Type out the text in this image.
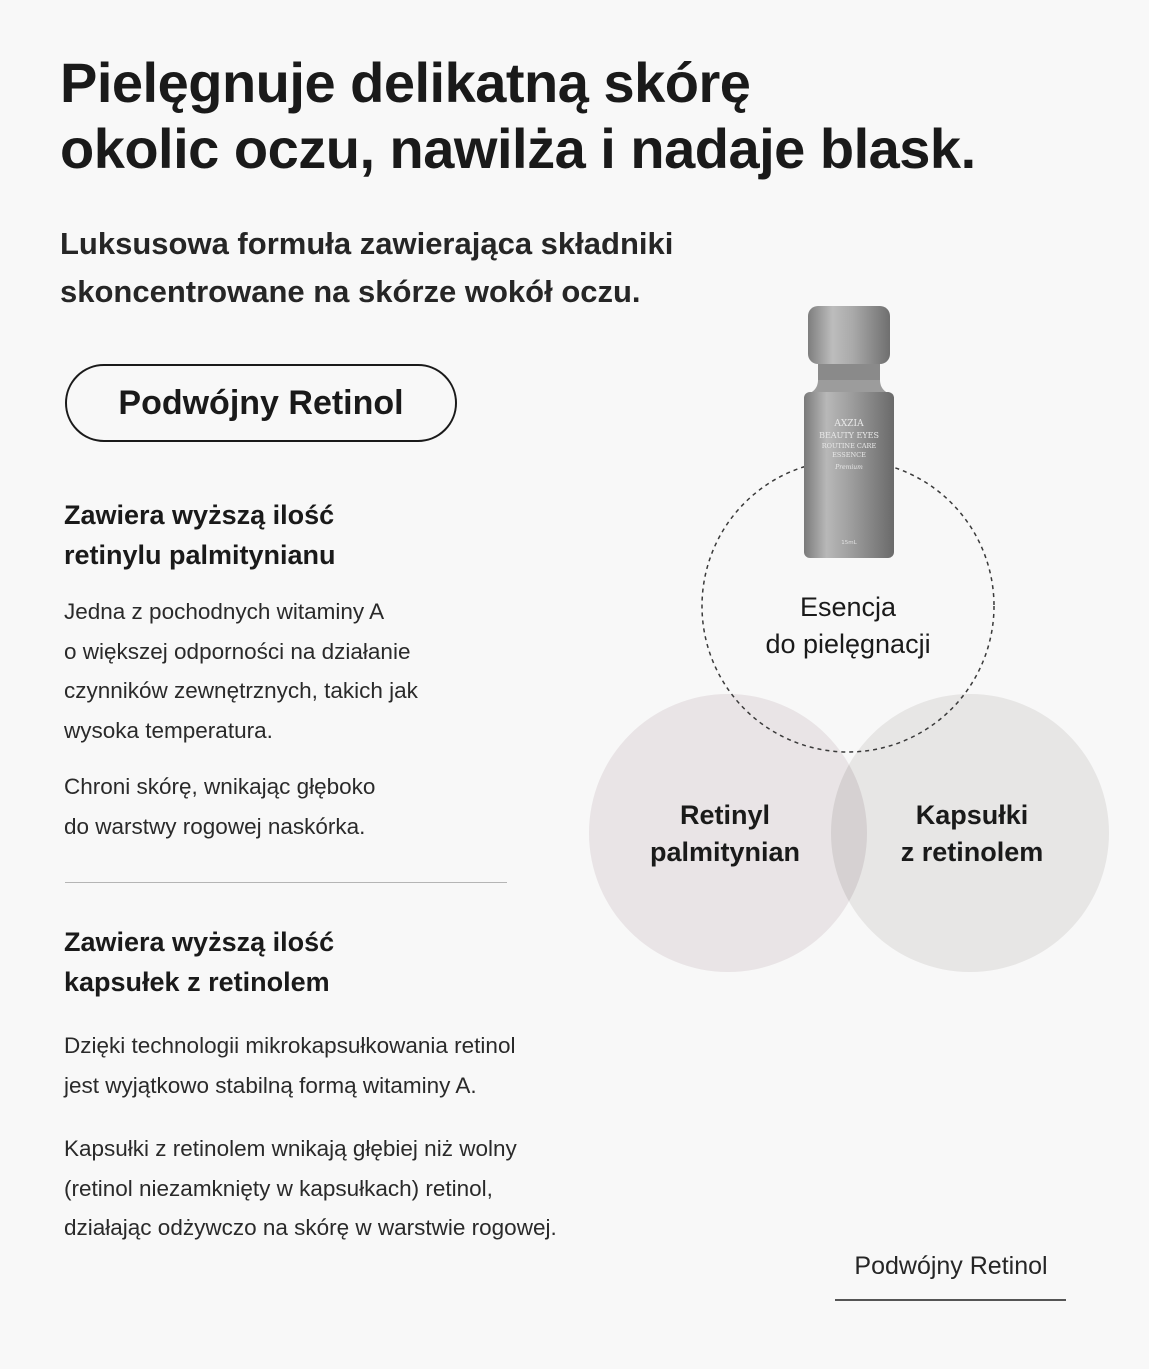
Pielęgnuje delikatną skórę
okolic oczu, nawilża i nadaje blask.
Luksusowa formuła zawierająca składniki
skoncentrowane na skórze wokół oczu.
Podwójny Retinol
Zawiera wyższą ilość
retinylu palmitynianu
Jedna z pochodnych witaminy A
o większej odporności na działanie
czynników zewnętrznych, takich jak
wysoka temperatura.
Chroni skórę, wnikając głęboko
do warstwy rogowej naskórka.
Zawiera wyższą ilość
kapsułek z retinolem
Dzięki technologii mikrokapsułkowania retinol
jest wyjątkowo stabilną formą witaminy A.
Kapsułki z retinolem wnikają głębiej niż wolny
(retinol niezamknięty w kapsułkach) retinol,
działając odżywczo na skórę w warstwie rogowej.
AXZIA
BEAUTY EYES
ROUTINE CARE
ESSENCE
Premium
15mL
Esencja
do pielęgnacji
Retinyl
palmitynian
Kapsułki
z retinolem
Podwójny Retinol
